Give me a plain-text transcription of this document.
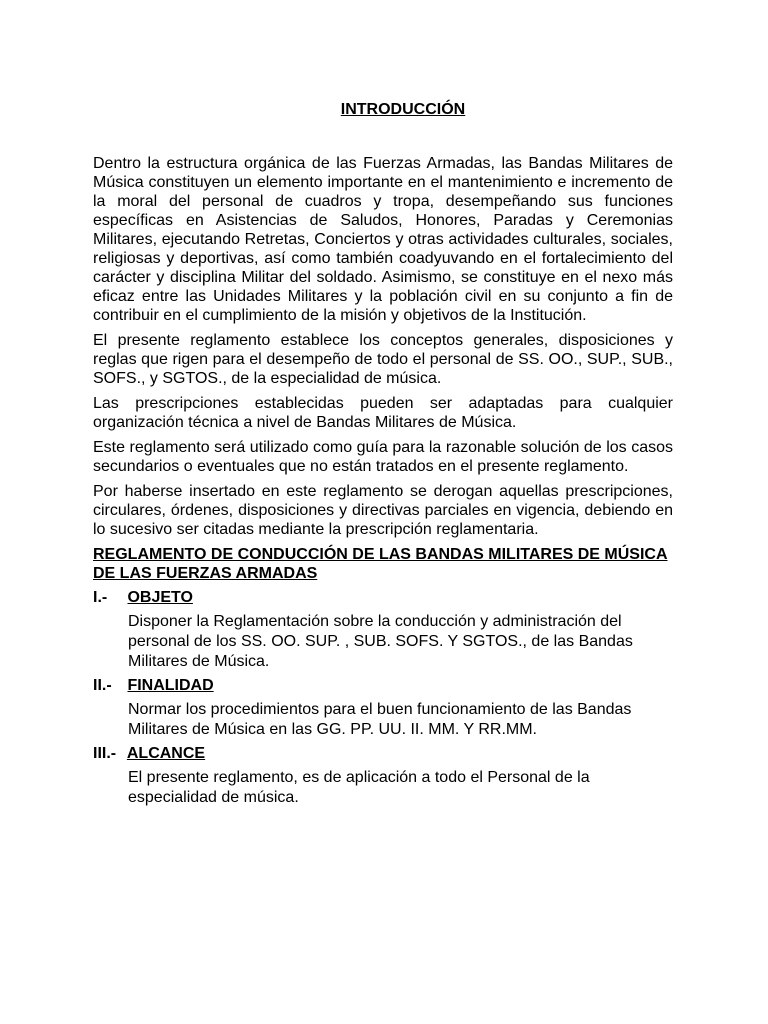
INTRODUCCIÓN

Dentro la estructura orgánica de las Fuerzas Armadas, las Bandas Militares de Música constituyen un elemento importante en el mantenimiento e incremento de la moral del personal de cuadros y tropa, desempeñando sus funciones específicas en Asistencias de Saludos, Honores, Paradas y Ceremonias Militares, ejecutando Retretas, Conciertos y otras actividades culturales, sociales, religiosas y deportivas, así como también coadyuvando en el fortalecimiento del carácter y disciplina Militar del soldado. Asimismo, se constituye en el nexo más eficaz entre las Unidades Militares y la población civil en su conjunto a fin de contribuir en el cumplimiento de la misión y objetivos de la Institución.

El presente reglamento establece los conceptos generales, disposiciones y reglas que rigen para el desempeño de todo el personal de SS. OO., SUP., SUB., SOFS., y SGTOS., de la especialidad de música.

Las prescripciones establecidas pueden ser adaptadas para cualquier organización técnica a nivel de Bandas Militares de Música.

Este reglamento será utilizado como guía para la razonable solución de los casos secundarios o eventuales que no están tratados en el presente reglamento.

Por haberse insertado en este reglamento se derogan aquellas prescripciones, circulares, órdenes, disposiciones y directivas parciales en vigencia, debiendo en lo sucesivo ser citadas mediante la prescripción reglamentaria.

REGLAMENTO DE CONDUCCIÓN DE LAS BANDAS MILITARES DE MÚSICA DE LAS FUERZAS ARMADAS
I.- OBJETO
Disponer la Reglamentación sobre la conducción y administración del personal de los SS. OO. SUP. , SUB. SOFS. Y SGTOS., de las Bandas Militares de Música.
II.- FINALIDAD
Normar los procedimientos para el buen funcionamiento de las Bandas Militares de Música en las GG. PP. UU. II. MM. Y RR.MM.
III.- ALCANCE
El presente reglamento, es de aplicación a todo el Personal de la especialidad de música.
